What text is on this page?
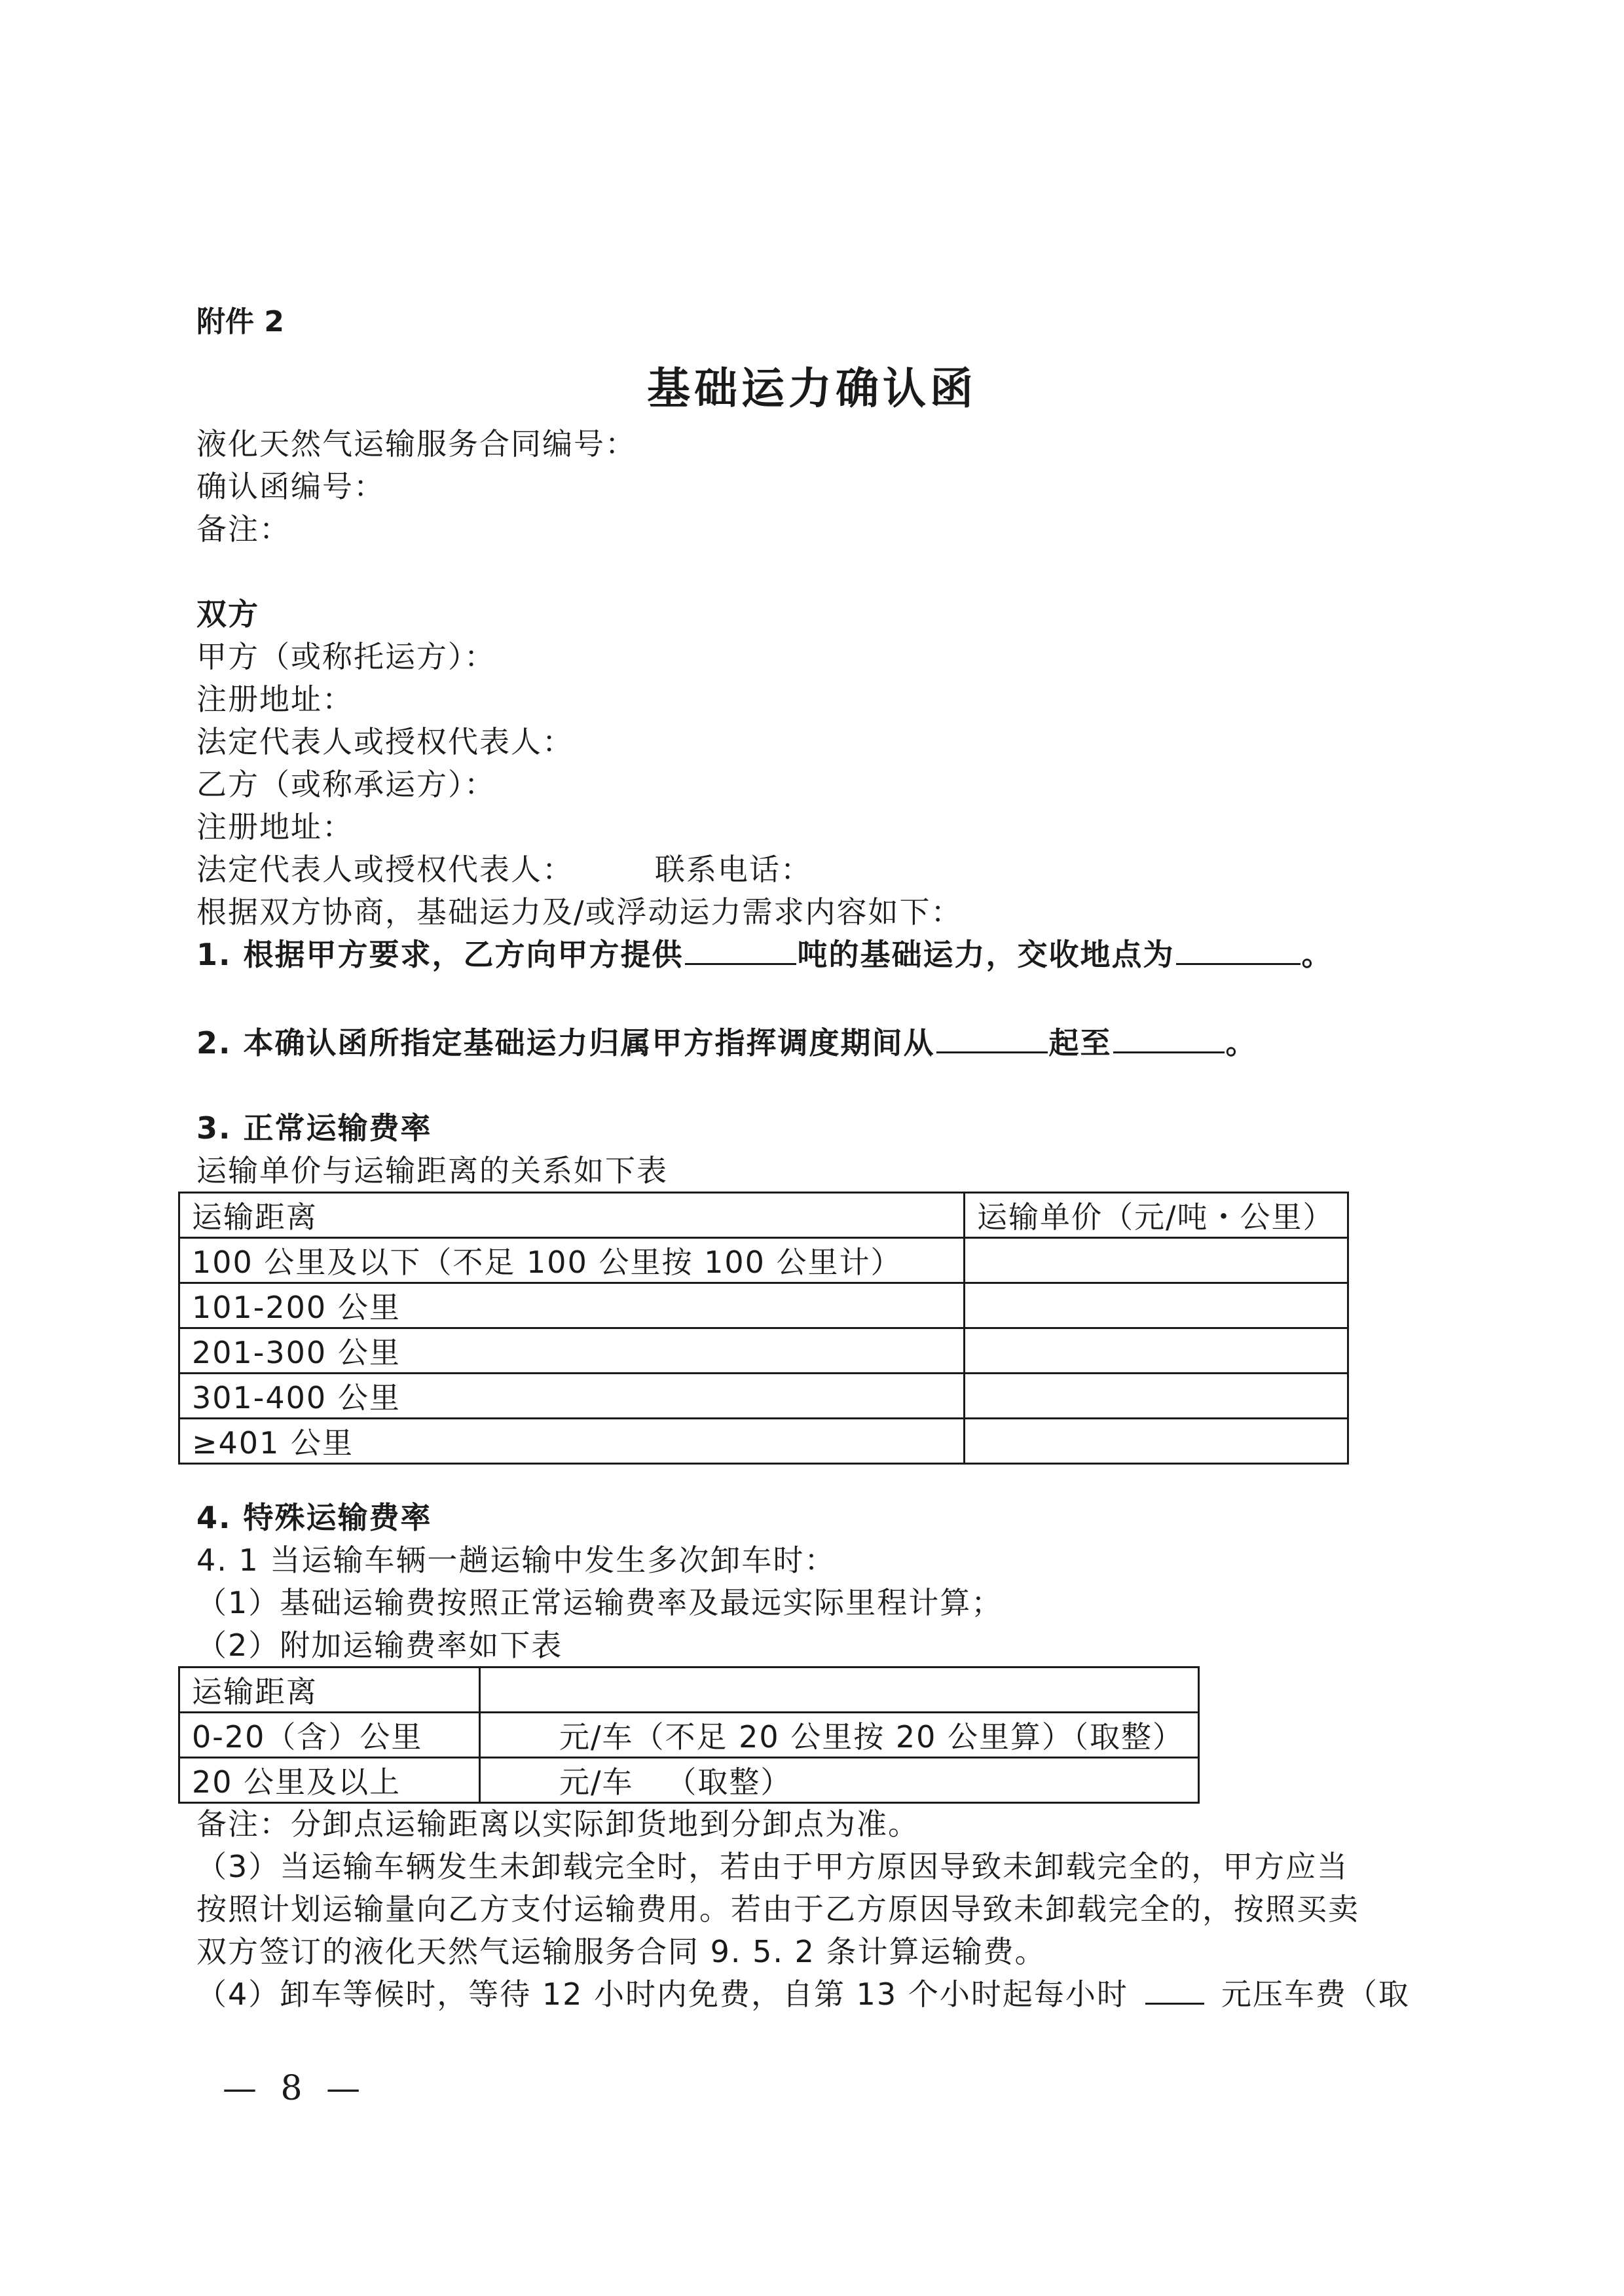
附件 2
基础运力确认函
液化天然气运输服务合同编号：
确认函编号：
备注：
双方
甲方（或称托运方）：
注册地址：
法定代表人或授权代表人：
乙方（或称承运方）：
注册地址：
法定代表人或授权代表人：	联系电话：
根据双方协商，基础运力及/或浮动运力需求内容如下：
1. 根据甲方要求，乙方向甲方提供	吨的基础运力，交收地点为	。
2. 本确认函所指定基础运力归属甲方指挥调度期间从	起至	。
3. 正常运输费率
运输单价与运输距离的关系如下表
运输距离	运输单价（元/吨・公里）
100 公里及以下（不足 100 公里按 100 公里计）	
101-200 公里	
201-300 公里	
301-400 公里	
≥401 公里	
4. 特殊运输费率
4. 1 当运输车辆一趟运输中发生多次卸车时：
（1）基础运输费按照正常运输费率及最远实际里程计算；
（2）附加运输费率如下表
运输距离	
0-20（含）公里	元/车（不足 20 公里按 20 公里算）（取整）
20 公里及以上	元/车   （取整）
备注：分卸点运输距离以实际卸货地到分卸点为准。
（3）当运输车辆发生未卸载完全时，若由于甲方原因导致未卸载完全的，甲方应当
按照计划运输量向乙方支付运输费用。若由于乙方原因导致未卸载完全的，按照买卖
双方签订的液化天然气运输服务合同 9. 5. 2 条计算运输费。
（4）卸车等候时，等待 12 小时内免费，自第 13 个小时起每小时	元压车费（取
— 8 —
